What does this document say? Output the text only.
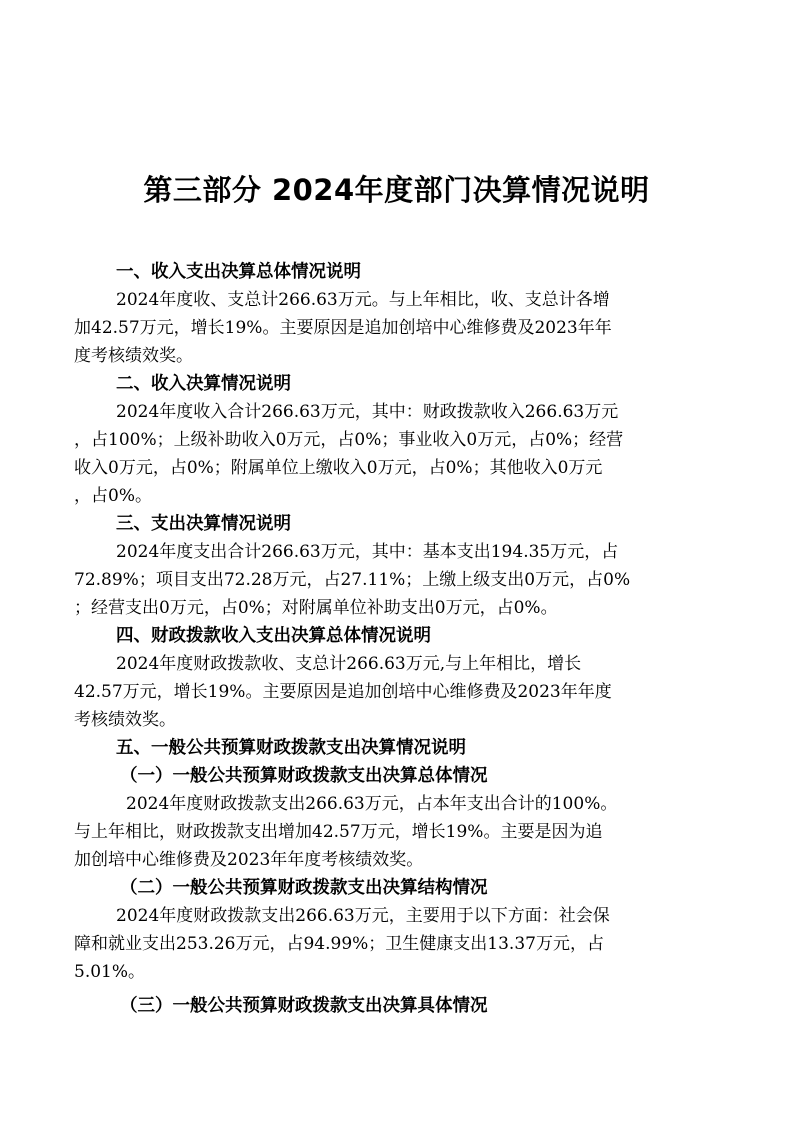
第三部分 2024年度部门决算情况说明

一、收入支出决算总体情况说明

2024年度收、支总计266.63万元。与上年相比，收、支总计各增

加42.57万元，增长19%。主要原因是追加创培中心维修费及2023年年

度考核绩效奖。

二、收入决算情况说明

2024年度收入合计266.63万元，其中：财政拨款收入266.63万元

，占100%；上级补助收入0万元，占0%；事业收入0万元，占0%；经营

收入0万元，占0%；附属单位上缴收入0万元，占0%；其他收入0万元

，占0%。

三、支出决算情况说明

2024年度支出合计266.63万元，其中：基本支出194.35万元，占

72.89%；项目支出72.28万元，占27.11%；上缴上级支出0万元，占0%

；经营支出0万元，占0%；对附属单位补助支出0万元，占0%。

四、财政拨款收入支出决算总体情况说明

2024年度财政拨款收、支总计266.63万元,与上年相比，增长

42.57万元，增长19%。主要原因是追加创培中心维修费及2023年年度

考核绩效奖。

五、一般公共预算财政拨款支出决算情况说明

（一）一般公共预算财政拨款支出决算总体情况

2024年度财政拨款支出266.63万元，占本年支出合计的100%。

与上年相比，财政拨款支出增加42.57万元，增长19%。主要是因为追

加创培中心维修费及2023年年度考核绩效奖。

（二）一般公共预算财政拨款支出决算结构情况

2024年度财政拨款支出266.63万元，主要用于以下方面：社会保

障和就业支出253.26万元，占94.99%；卫生健康支出13.37万元，占

5.01%。

（三）一般公共预算财政拨款支出决算具体情况
